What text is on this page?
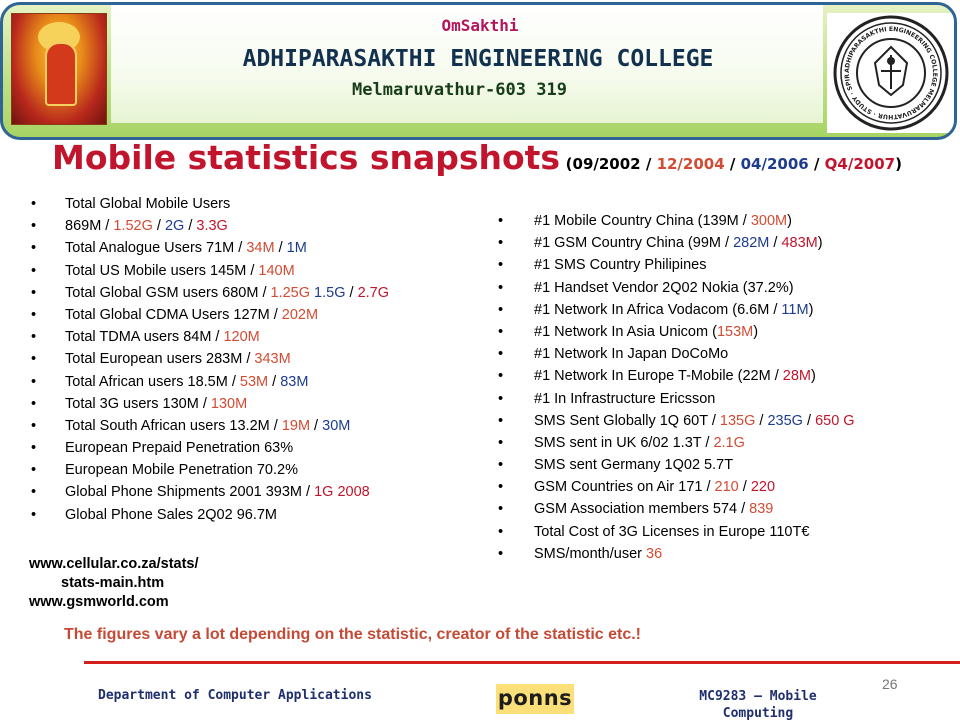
ADHIPARASAKTHI ENGINEERING COLLEGE MELMARUVATHUR · STUDY · SPIR
OmSakthi
ADHIPARASAKTHI ENGINEERING COLLEGE
Melmaruvathur-603 319
Mobile statistics snapshots (09/2002 / 12/2004 / 04/2006 / Q4/2007)
• Total Global Mobile Users
• 869M / 1.52G / 2G / 3.3G
• Total Analogue Users 71M / 34M / 1M
• Total US Mobile users 145M / 140M
• Total Global GSM users 680M / 1.25G 1.5G / 2.7G
• Total Global CDMA Users 127M / 202M
• Total TDMA users 84M / 120M
• Total European users 283M / 343M
• Total African users 18.5M / 53M / 83M
• Total 3G users 130M / 130M
• Total South African users 13.2M / 19M / 30M
• European Prepaid Penetration 63%
• European Mobile Penetration 70.2%
• Global Phone Shipments 2001 393M / 1G 2008
• Global Phone Sales 2Q02 96.7M
• #1 Mobile Country China (139M / 300M)
• #1 GSM Country China (99M / 282M / 483M)
• #1 SMS Country Philipines
• #1 Handset Vendor 2Q02 Nokia (37.2%)
• #1 Network In Africa Vodacom (6.6M / 11M)
• #1 Network In Asia Unicom (153M)
• #1 Network In Japan DoCoMo
• #1 Network In Europe T-Mobile (22M / 28M)
• #1 In Infrastructure Ericsson
• SMS Sent Globally 1Q 60T / 135G / 235G / 650 G
• SMS sent in UK 6/02 1.3T / 2.1G
• SMS sent Germany 1Q02 5.7T
• GSM Countries on Air 171 / 210 / 220
• GSM Association members 574 / 839
• Total Cost of 3G Licenses in Europe 110T€
• SMS/month/user 36
www.cellular.co.za/stats/

stats-main.htm
www.gsmworld.com
The figures vary a lot depending on the statistic, creator of the statistic etc.!
Department of Computer Applications	ponns	MC9283 – Mobile Computing
26
